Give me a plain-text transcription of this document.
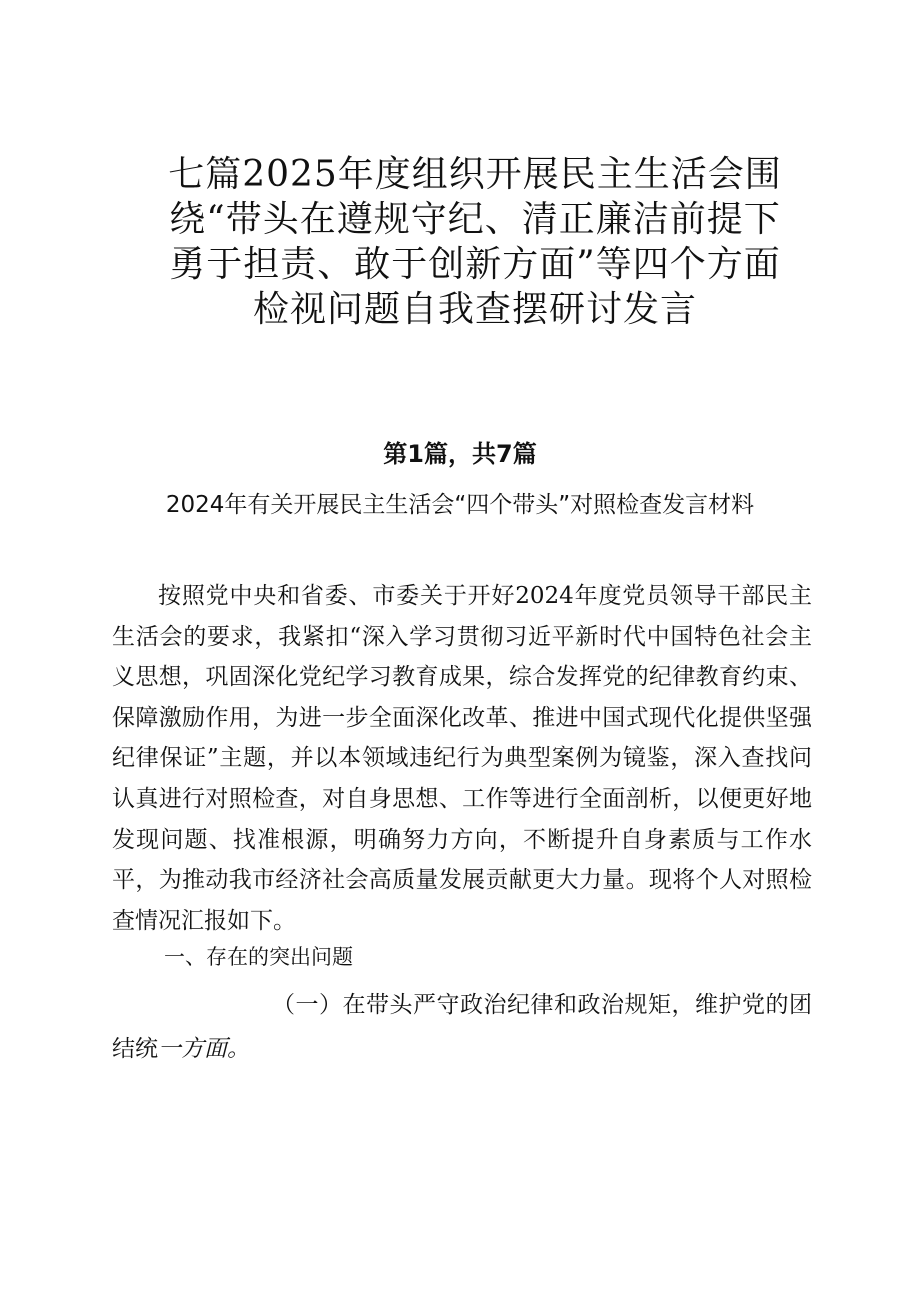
七篇2025年度组织开展民主生活会围绕“带头在遵规守纪、清正廉洁前提下勇于担责、敢于创新方面”等四个方面检视问题自我查摆研讨发言
第1篇，共7篇
2024年有关开展民主生活会“四个带头”对照检查发言材料

按照党中央和省委、市委关于开好2024年度党员领导干部民主生活会的要求，我紧扣“深入学习贯彻习近平新时代中国特色社会主义思想，巩固深化党纪学习教育成果，综合发挥党的纪律教育约束、保障激励作用，为进一步全面深化改革、推进中国式现代化提供坚强纪律保证”主题，并以本领域违纪行为典型案例为镜鉴，深入查找问认真进行对照检查，对自身思想、工作等进行全面剖析，以便更好地发现问题、找准根源，明确努力方向，不断提升自身素质与工作水平，为推动我市经济社会高质量发展贡献更大力量。现将个人对照检查情况汇报如下。

一、存在的突出问题

（一）在带头严守政治纪律和政治规矩，维护党的团结统一方面。
